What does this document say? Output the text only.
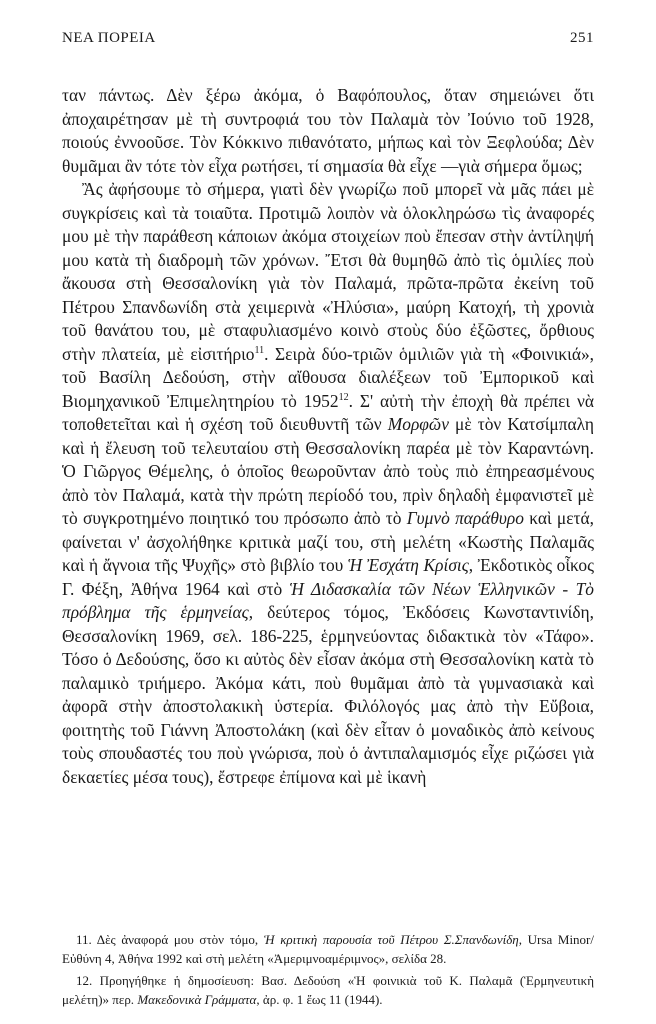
ΝΕΑ ΠΟΡΕΙΑ	251

ταν πάντως. Δὲν ξέρω ἀκόμα, ὁ Βαφόπουλος, ὅταν σημειώνει ὅτι ἀποχαιρέτησαν μὲ τὴ συντροφιά του τὸν Παλαμὰ τὸν Ἰούνιο τοῦ 1928, ποιούς ἐννοοῦσε. Τὸν Κόκκινο πιθανότατο, μήπως καὶ τὸν Ξεφλούδα; Δὲν θυμᾶμαι ἂν τότε τὸν εἶχα ρωτήσει, τί σημασία θὰ εἶχε —γιὰ σήμερα ὅμως;

Ἂς ἀφήσουμε τὸ σήμερα, γιατὶ δὲν γνωρίζω ποῦ μπορεῖ νὰ μᾶς πάει μὲ συγκρίσεις καὶ τὰ τοιαῦτα. Προτιμῶ λοιπὸν νὰ ὁλοκληρώσω τὶς ἀναφορές μου μὲ τὴν παράθεση κάποιων ἀκόμα στοιχείων ποὺ ἔπεσαν στὴν ἀντίληψή μου κατὰ τὴ διαδρομὴ τῶν χρόνων. Ἔτσι θὰ θυμηθῶ ἀπὸ τὶς ὁμιλίες ποὺ ἄκουσα στὴ Θεσσαλονίκη γιὰ τὸν Παλαμά, πρῶτα-πρῶτα ἐκείνη τοῦ Πέτρου Σπανδωνίδη στὰ χειμερινὰ «Ἠλύσια», μαύρη Κατοχή, τὴ χρονιὰ τοῦ θανάτου του, μὲ σταφυλιασμένο κοινὸ στοὺς δύο ἐξῶστες, ὄρθιους στὴν πλατεία, μὲ εἰσιτήριο$^{11}$. Σειρὰ δύο-τριῶν ὁμιλιῶν γιὰ τὴ «Φοινικιά», τοῦ Βασίλη Δεδούση, στὴν αἴθουσα διαλέξεων τοῦ Ἐμπορικοῦ καὶ Βιομηχανικοῦ Ἐπιμελητηρίου τὸ 1952$^{12}$. Σ' αὐτὴ τὴν ἐποχὴ θὰ πρέπει νὰ τοποθετεῖται καὶ ἡ σχέση τοῦ διευθυντῆ τῶν Μορφῶν μὲ τὸν Κατσίμπαλη καὶ ἡ ἔλευση τοῦ τελευταίου στὴ Θεσσαλονίκη παρέα μὲ τὸν Καραντώνη. Ὁ Γιῶργος Θέμελης, ὁ ὁποῖος θεωροῦνταν ἀπὸ τοὺς πιὸ ἐπηρεασμένους ἀπὸ τὸν Παλαμά, κατὰ τὴν πρώτη περίοδό του, πρὶν δηλαδὴ ἐμφανιστεῖ μὲ τὸ συγκροτημένο ποιητικό του πρόσωπο ἀπὸ τὸ Γυμνὸ παράθυρο καὶ μετά, φαίνεται ν' ἀσχολήθηκε κριτικὰ μαζί του, στὴ μελέτη «Κωστὴς Παλαμᾶς καὶ ἡ ἄγνοια τῆς Ψυχῆς» στὸ βιβλίο του Ἡ Ἐσχάτη Κρίσις, Ἐκδοτικὸς οἶκος Γ. Φέξη, Ἀθήνα 1964 καὶ στὸ Ἡ Διδασκαλία τῶν Νέων Ἑλληνικῶν - Τὸ πρόβλημα τῆς ἑρμηνείας, δεύτερος τόμος, Ἐκδόσεις Κωνσταντινίδη, Θεσσαλονίκη 1969, σελ. 186-225, ἑρμηνεύοντας διδακτικὰ τὸν «Τάφο». Τόσο ὁ Δεδούσης, ὅσο κι αὐτὸς δὲν εἶσαν ἀκόμα στὴ Θεσσαλονίκη κατὰ τὸ παλαμικὸ τριήμερο. Ἀκόμα κάτι, ποὺ θυμᾶμαι ἀπὸ τὰ γυμνασιακὰ καὶ ἀφορᾶ στὴν ἀποστολακικὴ ὑστερία. Φιλόλογός μας ἀπὸ τὴν Εὔβοια, φοιτητὴς τοῦ Γιάννη Ἀποστολάκη (καὶ δὲν εἶταν ὁ μοναδικὸς ἀπὸ κείνους τοὺς σπουδαστές του ποὺ γνώρισα, ποὺ ὁ ἀντιπαλαμισμός εἶχε ριζώσει γιὰ δεκαετίες μέσα τους), ἔστρεφε ἐπίμονα καὶ μὲ ἱκανὴ

11. Δὲς ἀναφορά μου στὸν τόμο, Ἡ κριτικὴ παρουσία τοῦ Πέτρου Σ.Σπανδωνίδη, Ursa Minor/Εὐθύνη 4, Ἀθήνα 1992 καὶ στὴ μελέτη «Ἀμεριμνοαμέριμνος», σελίδα 28.

12. Προηγήθηκε ἡ δημοσίευση: Βασ. Δεδούση «Ἡ φοινικιὰ τοῦ Κ. Παλαμᾶ (Ἑρμηνευτικὴ μελέτη)» περ. Μακεδονικὰ Γράμματα, ἀρ. φ. 1 ἕως 11 (1944).
